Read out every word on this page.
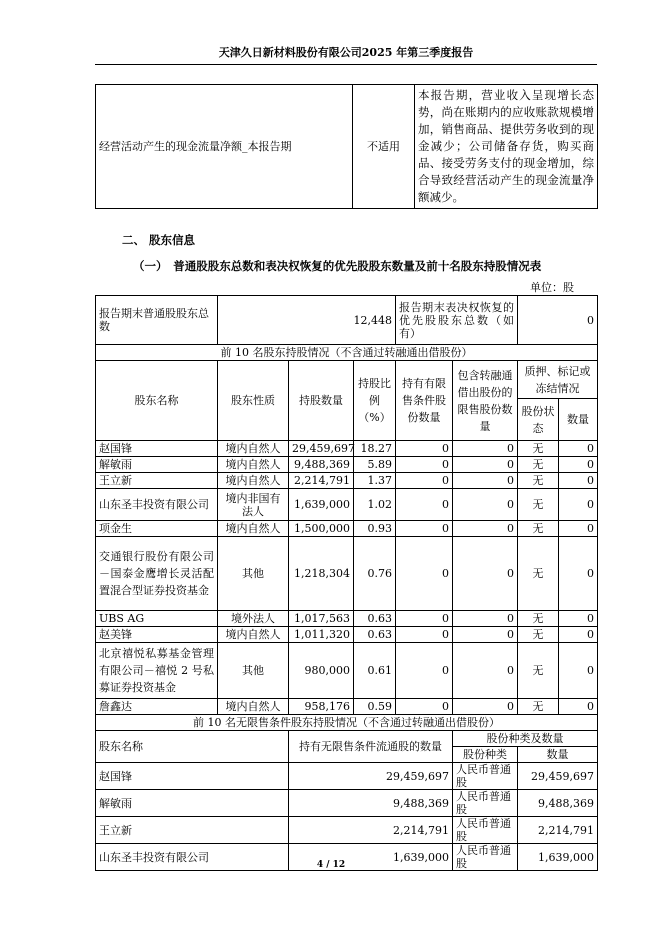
天津久日新材料股份有限公司2025 年第三季度报告
经营活动产生的现金流量净额_本报告期	不适用	本报告期，营业收入呈现增长态势，尚在账期内的应收账款规模增加，销售商品、提供劳务收到的现金减少；公司储备存货，购买商品、接受劳务支付的现金增加，综合导致经营活动产生的现金流量净额减少。
二、 股东信息
（一）　普通股股东总数和表决权恢复的优先股股东数量及前十名股东持股情况表
单位：股
报告期末普通股股东总数	12,448			报告期末表决权恢复的优先股股东总数（如有）		0	
前 10 名股东持股情况（不含通过转融通出借股份）							
股东名称	股东性质	持股数量	持股比例（%）	持有有限售条件股份数量	包含转融通借出股份的限售股份数量	质押、标记或冻结情况	
						股份状态	数量
赵国锋	境内自然人	29,459,697	18.27	0	0	无	0
解敏雨	境内自然人	9,488,369	5.89	0	0	无	0
王立新	境内自然人	2,214,791	1.37	0	0	无	0
山东圣丰投资有限公司	境内非国有法人	1,639,000	1.02	0	0	无	0
项金生	境内自然人	1,500,000	0.93	0	0	无	0
交通银行股份有限公司－国泰金鹰增长灵活配置混合型证券投资基金	其他	1,218,304	0.76	0	0	无	0
UBS AG	境外法人	1,017,563	0.63	0	0	无	0
赵美锋	境内自然人	1,011,320	0.63	0	0	无	0
北京禧悦私募基金管理有限公司－禧悦 2 号私募证券投资基金	其他	980,000	0.61	0	0	无	0
詹鑫达	境内自然人	958,176	0.59	0	0	无	0
前 10 名无限售条件股东持股情况（不含通过转融通出借股份）							
股东名称		持有无限售条件流通股的数量			股份种类及数量		
					股份种类	数量	
赵国锋		29,459,697			人民币普通股	29,459,697	
解敏雨		9,488,369			人民币普通股	9,488,369	
王立新		2,214,791			人民币普通股	2,214,791	
山东圣丰投资有限公司		1,639,000			人民币普通股	1,639,000	
4 / 12
